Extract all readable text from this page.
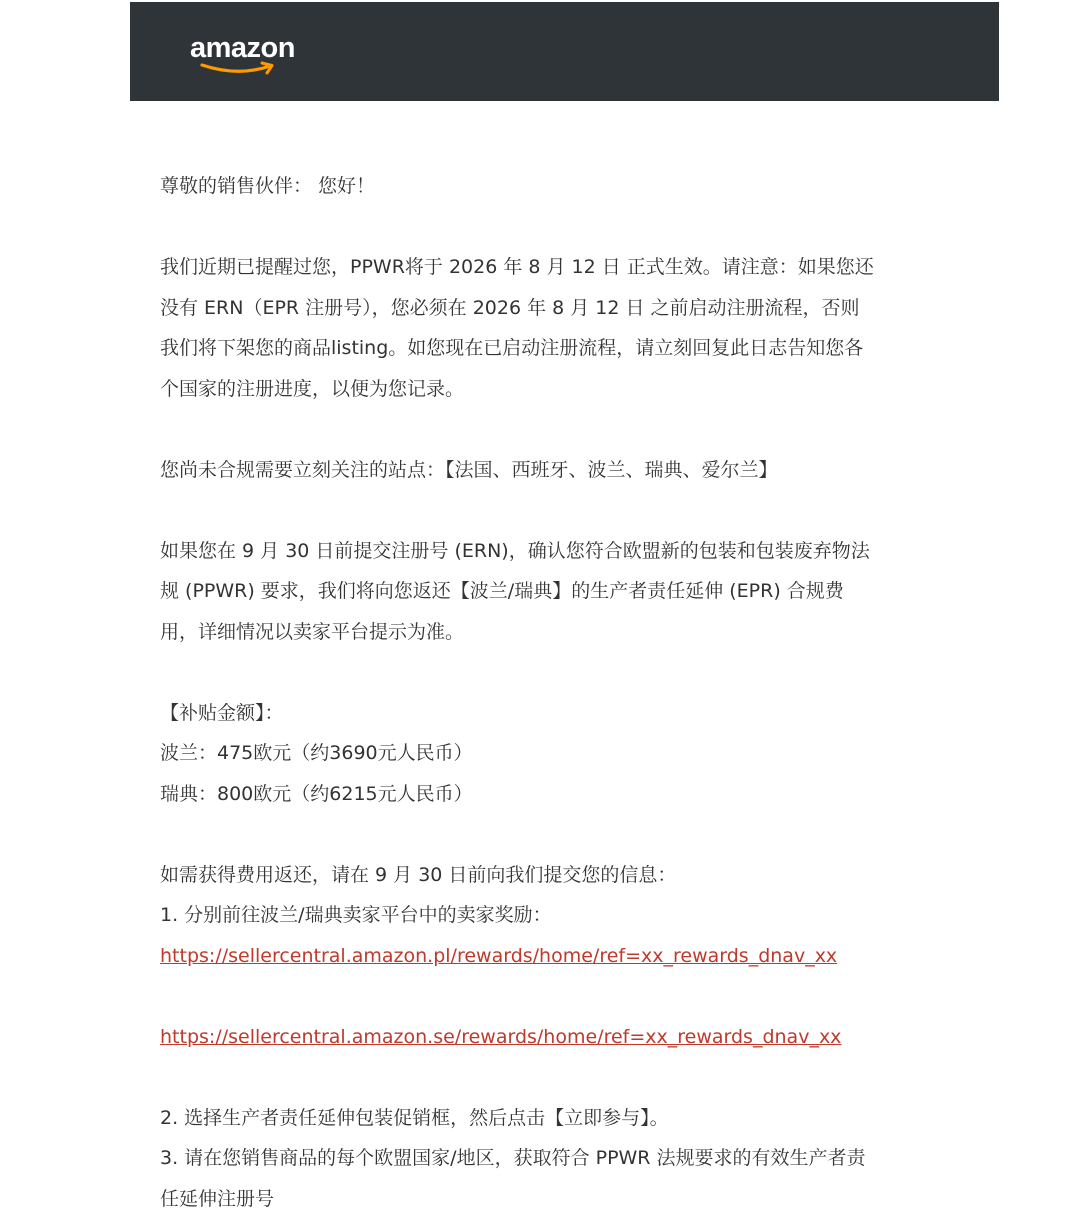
amazon

尊敬的销售伙伴： 您好！

我们近期已提醒过您，PPWR将于 2026 年 8 月 12 日 正式生效。请注意：如果您还
没有 ERN（EPR 注册号），您必须在 2026 年 8 月 12 日 之前启动注册流程，否则
我们将下架您的商品listing。如您现在已启动注册流程，请立刻回复此日志告知您各
个国家的注册进度，以便为您记录。

您尚未合规需要立刻关注的站点：【法国、西班牙、波兰、瑞典、爱尔兰】

如果您在 9 月 30 日前提交注册号 (ERN)，确认您符合欧盟新的包装和包装废弃物法
规 (PPWR) 要求，我们将向您返还【波兰/瑞典】的生产者责任延伸 (EPR) 合规费
用，详细情况以卖家平台提示为准。

【补贴金额】：
波兰：475欧元（约3690元人民币）
瑞典：800欧元（约6215元人民币）

如需获得费用返还，请在 9 月 30 日前向我们提交您的信息：
1. 分别前往波兰/瑞典卖家平台中的卖家奖励：
https://sellercentral.amazon.pl/rewards/home/ref=xx_rewards_dnav_xx

https://sellercentral.amazon.se/rewards/home/ref=xx_rewards_dnav_xx

2. 选择生产者责任延伸包装促销框，然后点击【立即参与】。
3. 请在您销售商品的每个欧盟国家/地区，获取符合 PPWR 法规要求的有效生产者责
任延伸注册号
